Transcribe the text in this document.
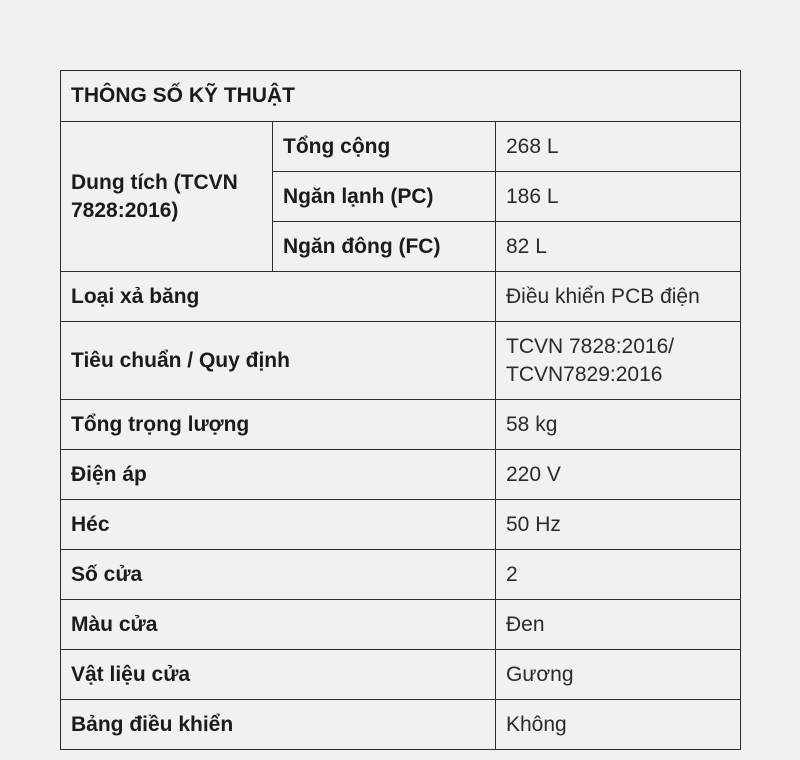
THÔNG SỐ KỸ THUẬT		
Dung tích (TCVN 7828:2016)	Tổng cộng	268 L
	Ngăn lạnh (PC)	186 L
	Ngăn đông (FC)	82 L
Loại xả băng		Điều khiển PCB điện
Tiêu chuẩn / Quy định		TCVN 7828:2016/ TCVN7829:2016
Tổng trọng lượng		58 kg
Điện áp		220 V
Héc		50 Hz
Số cửa		2
Màu cửa		Đen
Vật liệu cửa		Gương
Bảng điều khiển		Không
